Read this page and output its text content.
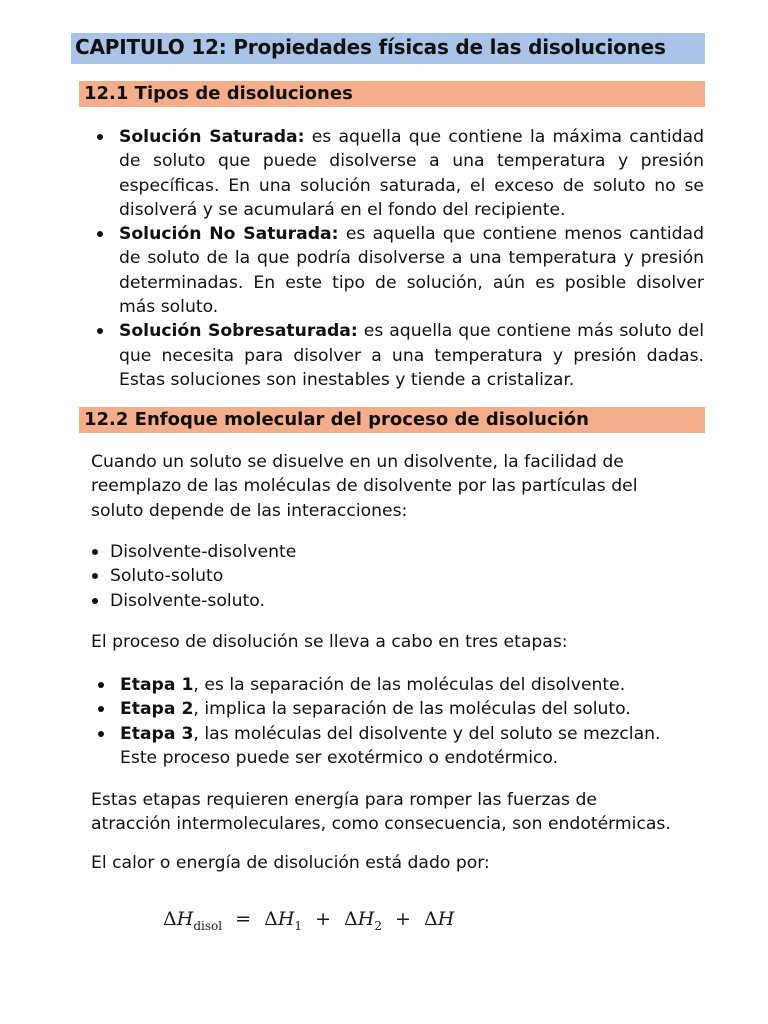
CAPITULO 12: Propiedades físicas de las disoluciones
12.1 Tipos de disoluciones
Solución Saturada: es aquella que contiene la máxima cantidad de soluto que puede disolverse a una temperatura y presión específicas. En una solución saturada, el exceso de soluto no se disolverá y se acumulará en el fondo del recipiente.
Solución No Saturada: es aquella que contiene menos cantidad de soluto de la que podría disolverse a una temperatura y presión determinadas. En este tipo de solución, aún es posible disolver más soluto.
Solución Sobresaturada: es aquella que contiene más soluto del que necesita para disolver a una temperatura y presión dadas. Estas soluciones son inestables y tiende a cristalizar.
12.2 Enfoque molecular del proceso de disolución

Cuando un soluto se disuelve en un disolvente, la facilidad de reemplazo de las moléculas de disolvente por las partículas del soluto depende de las interacciones:

Disolvente-disolvente
Soluto-soluto
Disolvente-soluto.

El proceso de disolución se lleva a cabo en tres etapas:

Etapa 1, es la separación de las moléculas del disolvente.
Etapa 2, implica la separación de las moléculas del soluto.
Etapa 3, las moléculas del disolvente y del soluto se mezclan. Este proceso puede ser exotérmico o endotérmico.

Estas etapas requieren energía para romper las fuerzas de atracción intermoleculares, como consecuencia, son endotérmicas.

El calor o energía de disolución está dado por:

$\Delta H_{disol} = \Delta H_1 + \Delta H_2 + \Delta H$
